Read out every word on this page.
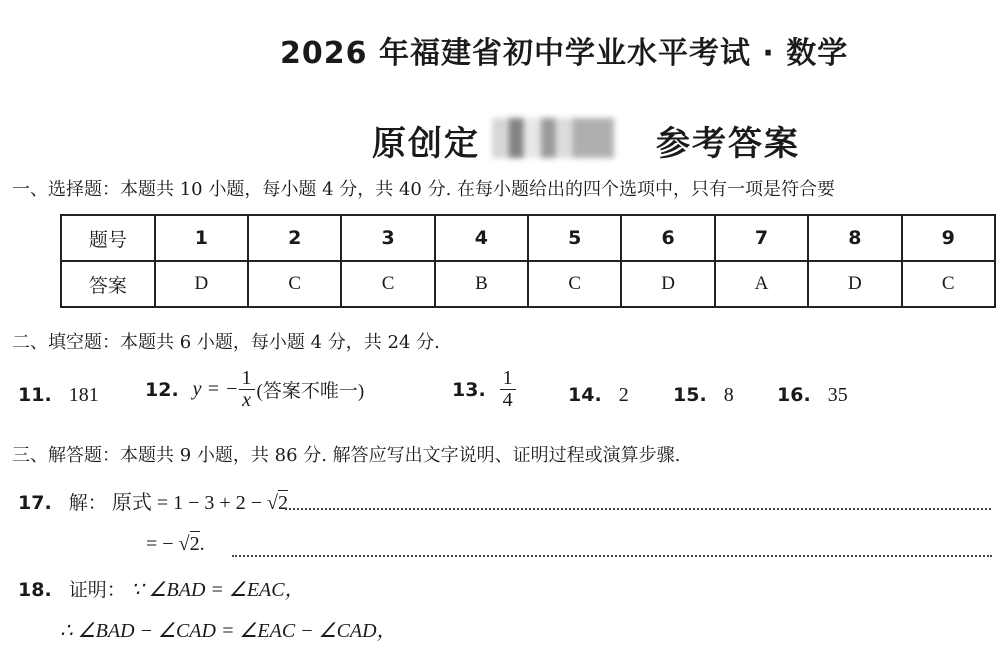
2026 年福建省初中学业水平考试 · 数学
原创定	参考答案
一、选择题：本题共 10 小题，每小题 4 分，共 40 分. 在每小题给出的四个选项中，只有一项是符合要
题号	1	2	3	4	5	6	7	8	9
答案	D	C	C	B	C	D	A	D	C
二、填空题：本题共 6 小题，每小题 4 分，共 24 分.
11. 181 12. y = − $\frac{1}{x}$ (答案不唯一)	13. $\frac{1}{4}$	14. 2 15. 8 16. 35
三、解答题：本题共 9 小题，共 86 分. 解答应写出文字说明、证明过程或演算步骤.
17. 解： 原式 = 1 − 3 + 2 − √2
= − √2.
18. 证明： ∵ ∠BAD = ∠EAC，
∴ ∠BAD − ∠CAD = ∠EAC − ∠CAD，
